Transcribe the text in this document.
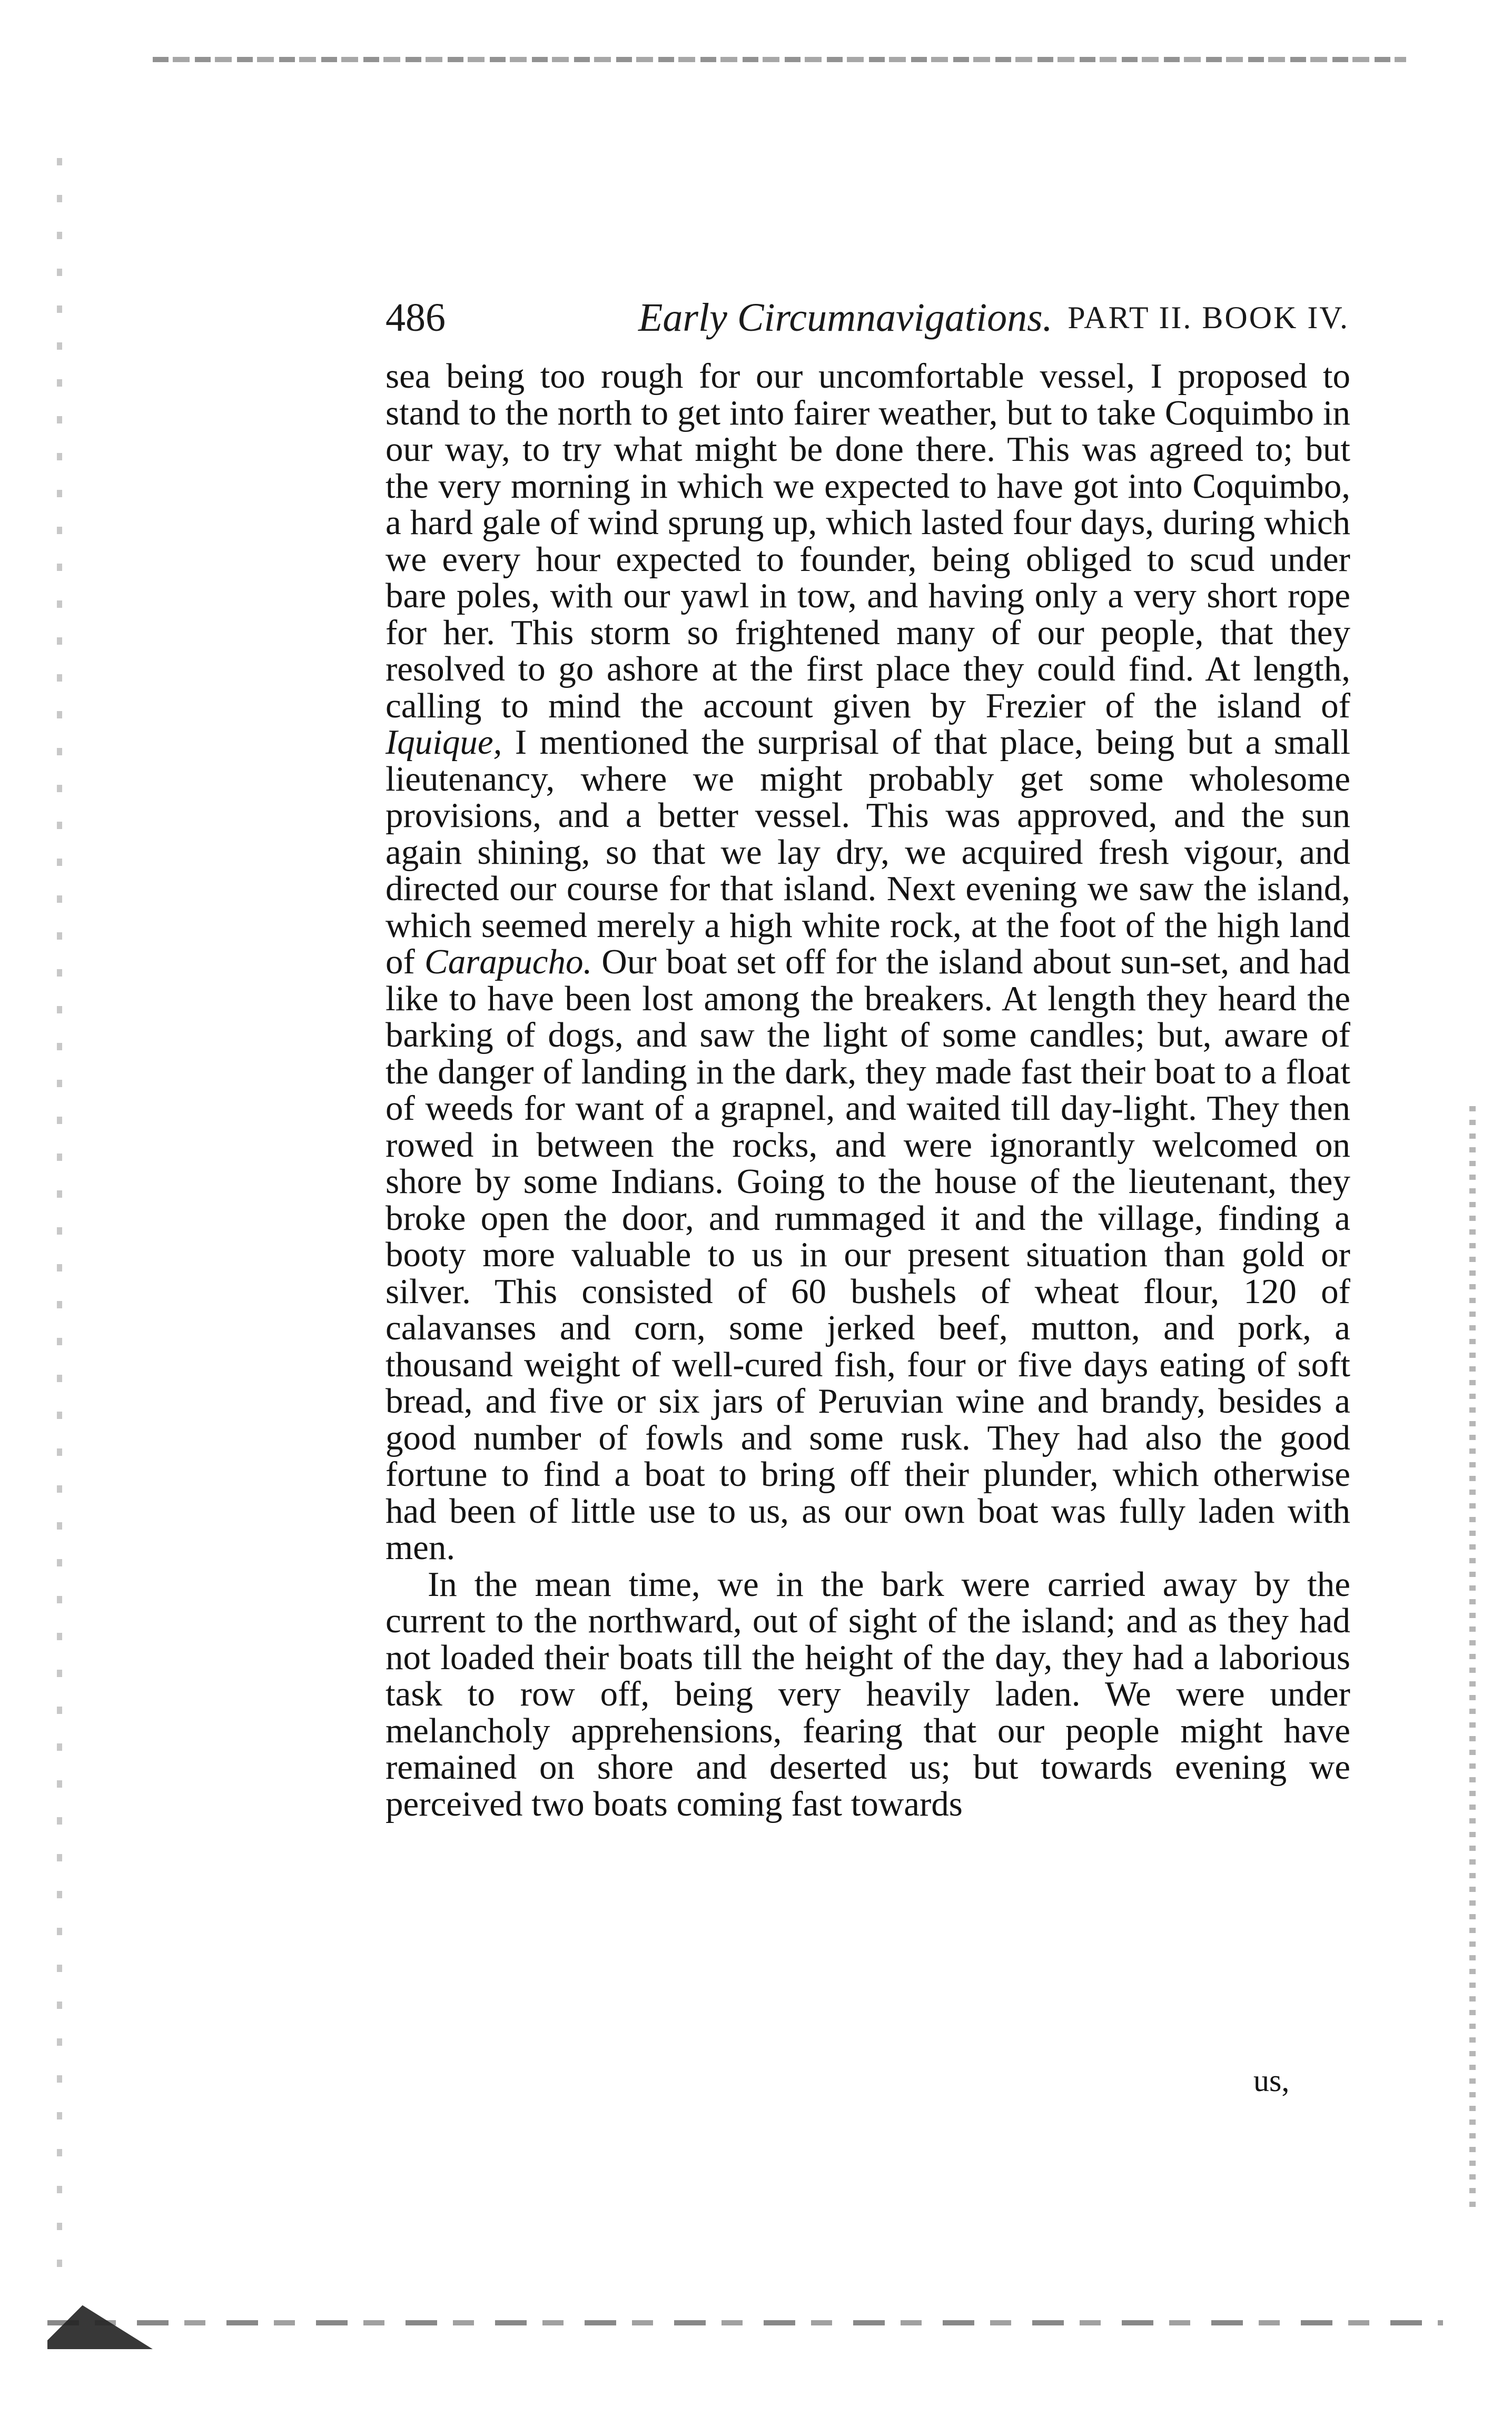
486	Early Circumnavigations. PART II. BOOK IV.

sea being too rough for our uncomfortable vessel, I proposed to stand to the north to get into fairer weather, but to take Coquimbo in our way, to try what might be done there. This was agreed to; but the very morning in which we expected to have got into Coquimbo, a hard gale of wind sprung up, which lasted four days, during which we every hour expected to founder, being obliged to scud under bare poles, with our yawl in tow, and having only a very short rope for her. This storm so frightened many of our people, that they resolved to go ashore at the first place they could find. At length, calling to mind the account given by Frezier of the island of Iquique, I mentioned the surprisal of that place, being but a small lieutenancy, where we might probably get some wholesome provisions, and a better vessel. This was approved, and the sun again shining, so that we lay dry, we acquired fresh vigour, and directed our course for that island. Next evening we saw the island, which seemed merely a high white rock, at the foot of the high land of Carapucho. Our boat set off for the island about sun-set, and had like to have been lost among the breakers. At length they heard the barking of dogs, and saw the light of some candles; but, aware of the danger of landing in the dark, they made fast their boat to a float of weeds for want of a grapnel, and waited till day-light. They then rowed in between the rocks, and were ignorantly welcomed on shore by some Indians. Going to the house of the lieutenant, they broke open the door, and rummaged it and the village, finding a booty more valuable to us in our present situation than gold or silver. This consisted of 60 bushels of wheat flour, 120 of calavanses and corn, some jerked beef, mutton, and pork, a thousand weight of well-cured fish, four or five days eating of soft bread, and five or six jars of Peruvian wine and brandy, besides a good number of fowls and some rusk. They had also the good fortune to find a boat to bring off their plunder, which otherwise had been of little use to us, as our own boat was fully laden with men.

In the mean time, we in the bark were carried away by the current to the northward, out of sight of the island; and as they had not loaded their boats till the height of the day, they had a laborious task to row off, being very heavily laden. We were under melancholy apprehensions, fearing that our people might have remained on shore and deserted us; but towards evening we perceived two boats coming fast towards

us,
